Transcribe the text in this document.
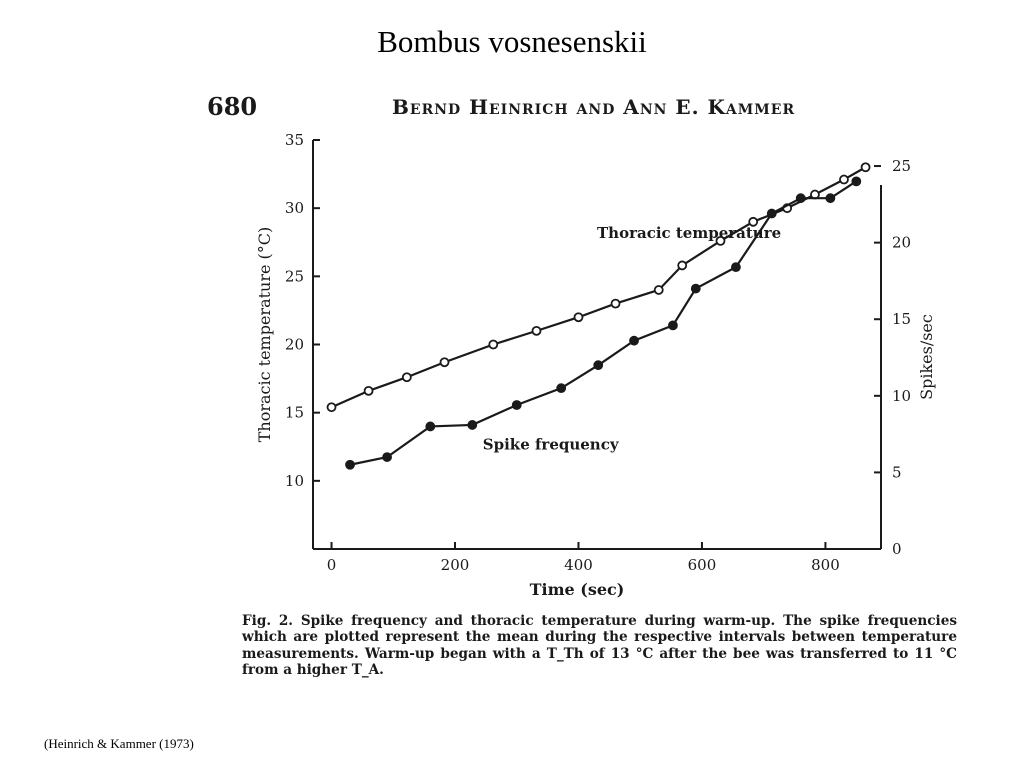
Bombus vosnesenskii
680	Bernd Heinrich and Ann E. Kammer
0	200	400	600	800
10
15
20
25
30
35
0
5
10
15
20
25
Time (sec)
Thoracic temperature (°C)	Spikes/sec
Thoracic temperature
Spike frequency
Fig. 2. Spike frequency and thoracic temperature during warm-up. The spike frequencies which are plotted represent the mean during the respective intervals between temperature measurements. Warm-up began with a T_Th of 13 °C after the bee was transferred to 11 °C from a higher T_A.
(Heinrich & Kammer (1973)
